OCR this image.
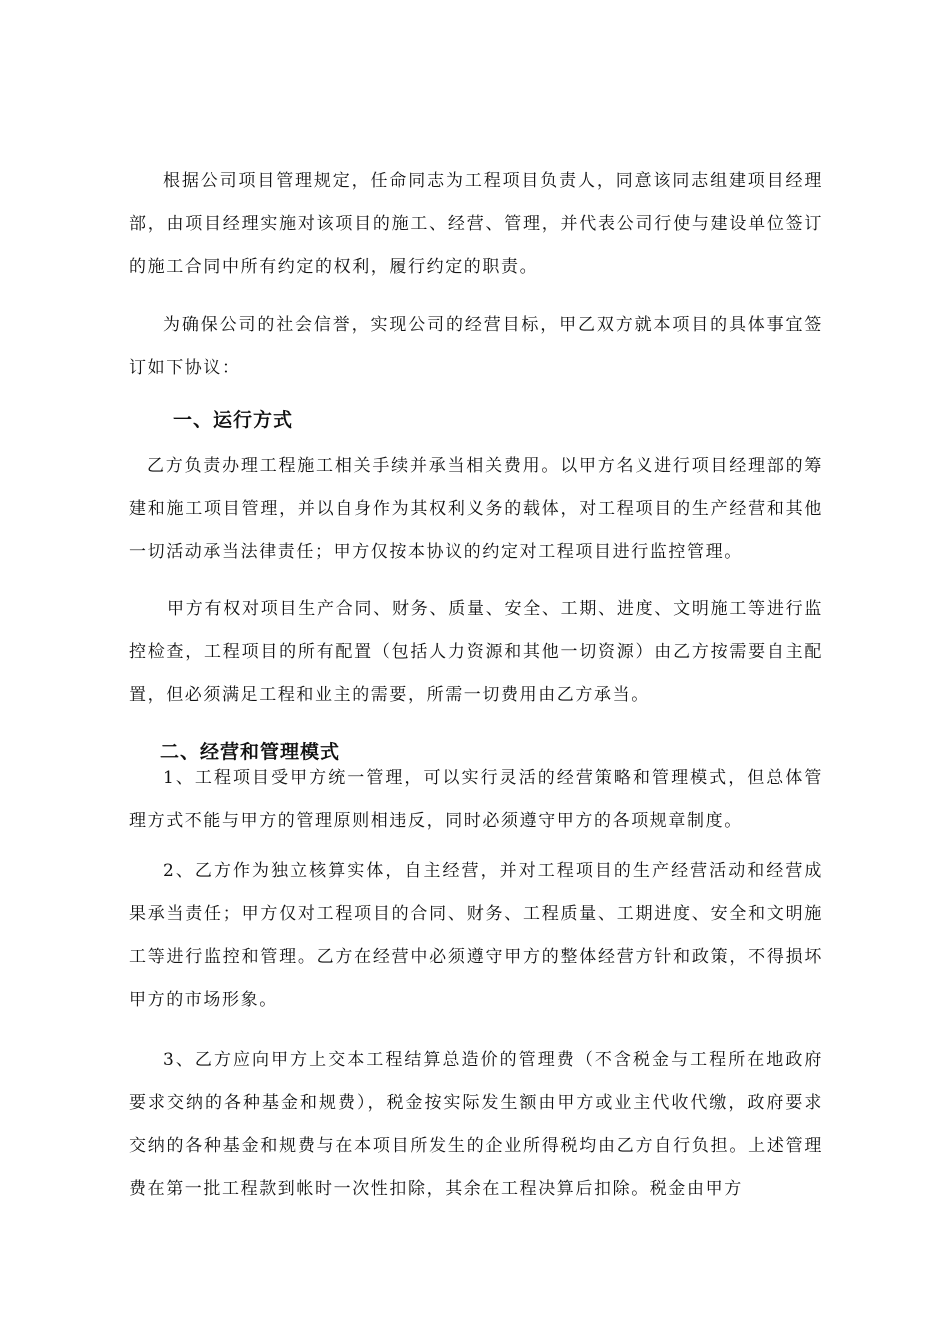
根据公司项目管理规定，任命同志为工程项目负责人，同意该同志组建项目经理部，由项目经理实施对该项目的施工、经营、管理，并代表公司行使与建设单位签订的施工合同中所有约定的权利，履行约定的职责。

为确保公司的社会信誉，实现公司的经营目标，甲乙双方就本项目的具体事宜签订如下协议：

一、运行方式

乙方负责办理工程施工相关手续并承当相关费用。以甲方名义进行项目经理部的筹建和施工项目管理，并以自身作为其权利义务的载体，对工程项目的生产经营和其他一切活动承当法律责任；甲方仅按本协议的约定对工程项目进行监控管理。

甲方有权对项目生产合同、财务、质量、安全、工期、进度、文明施工等进行监控检查，工程项目的所有配置（包括人力资源和其他一切资源）由乙方按需要自主配置，但必须满足工程和业主的需要，所需一切费用由乙方承当。

二、经营和管理模式

1、工程项目受甲方统一管理，可以实行灵活的经营策略和管理模式，但总体管理方式不能与甲方的管理原则相违反，同时必须遵守甲方的各项规章制度。

2、乙方作为独立核算实体，自主经营，并对工程项目的生产经营活动和经营成果承当责任；甲方仅对工程项目的合同、财务、工程质量、工期进度、安全和文明施工等进行监控和管理。乙方在经营中必须遵守甲方的整体经营方针和政策，不得损坏甲方的市场形象。

3、乙方应向甲方上交本工程结算总造价的管理费（不含税金与工程所在地政府要求交纳的各种基金和规费），税金按实际发生额由甲方或业主代收代缴，政府要求交纳的各种基金和规费与在本项目所发生的企业所得税均由乙方自行负担。上述管理费在第一批工程款到帐时一次性扣除，其余在工程决算后扣除。税金由甲方
